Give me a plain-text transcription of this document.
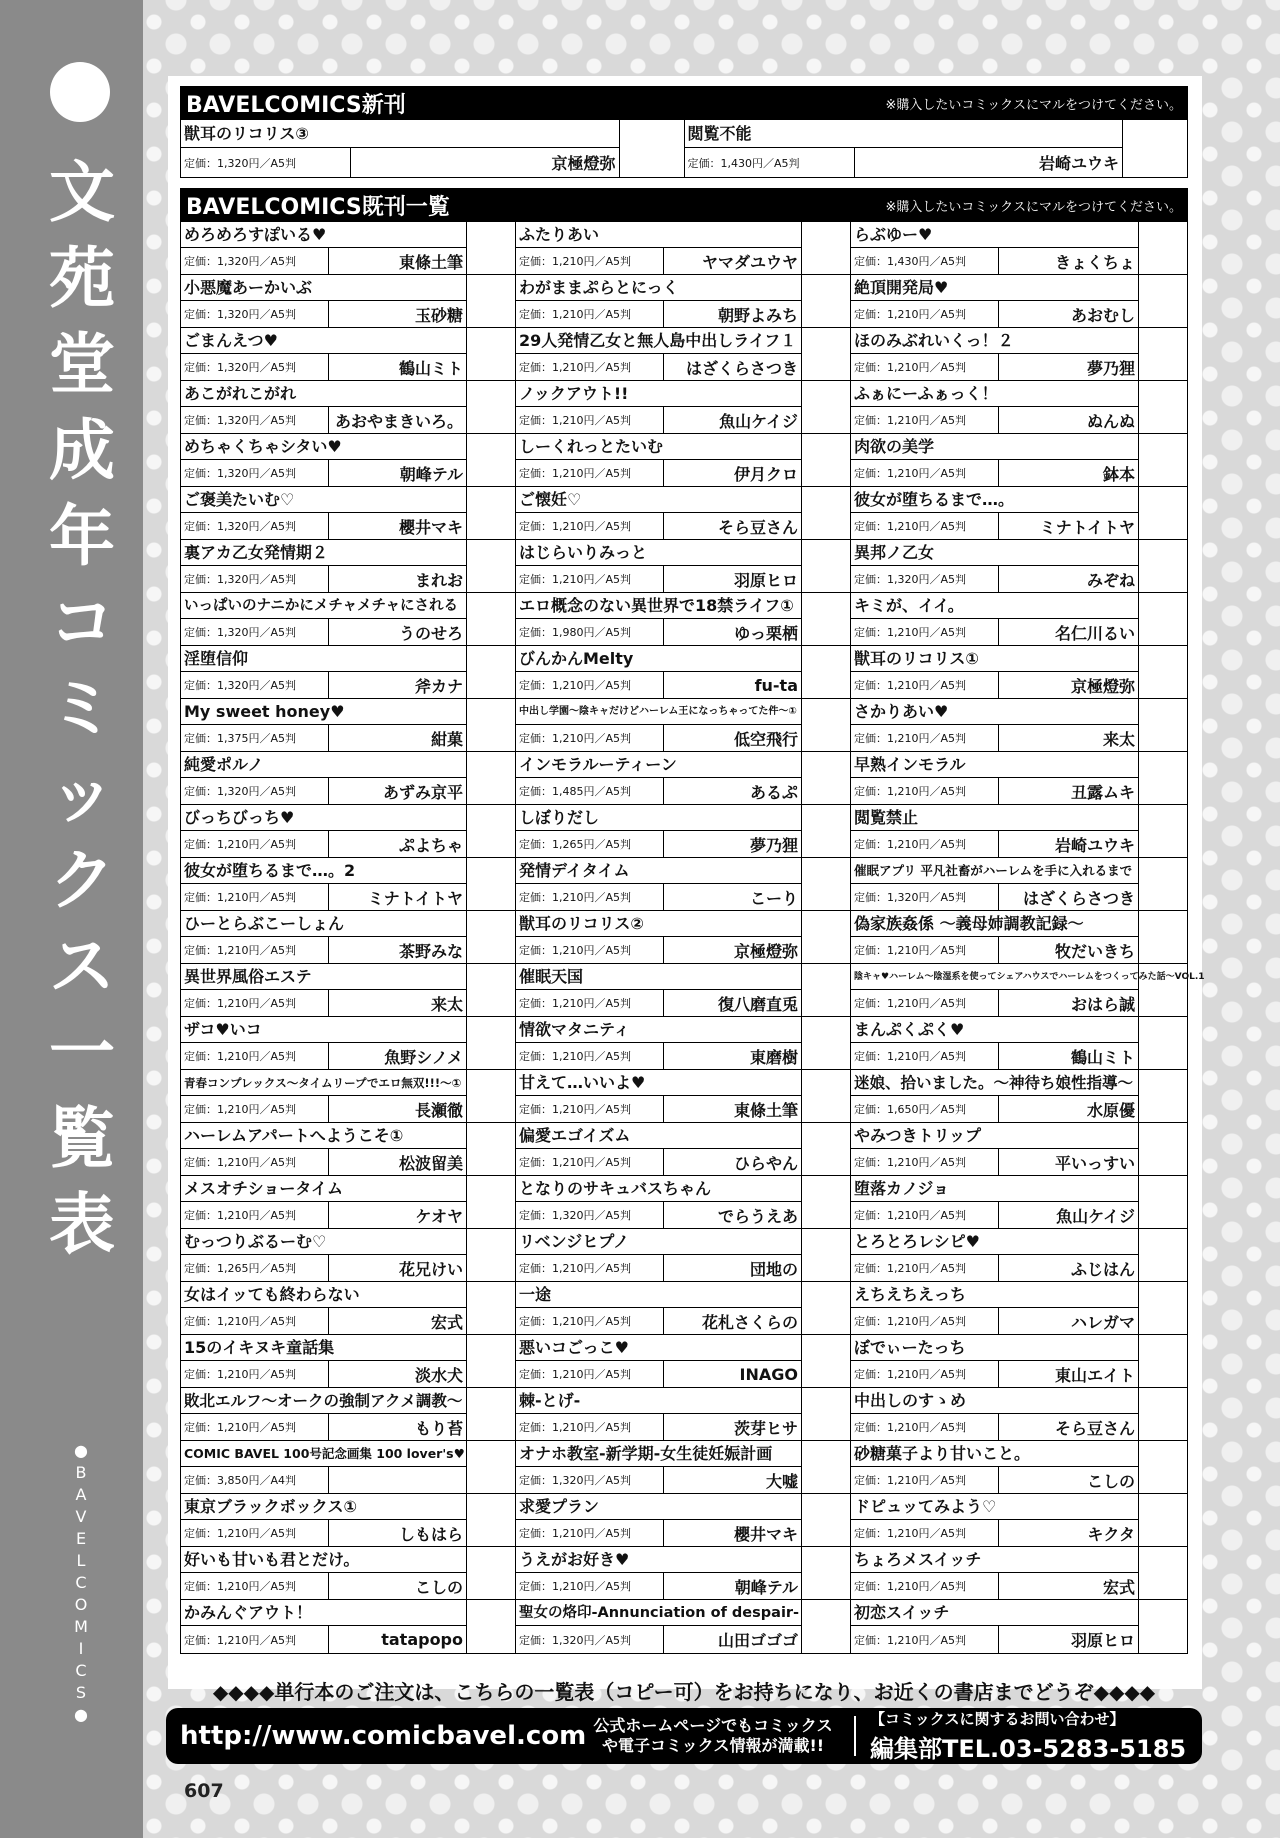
文
苑
堂
成
年
コ
ミ
ッ
ク
ス
一
覧
表
●
B
A
V
E
L
C
O
M
I
C
S
●
BAVELCOMICS新刊	※購入したいコミックスにマルをつけてください。
獣耳のリコリス③
定価：1,320円／A5判	京極燈弥
閲覧不能
定価：1,430円／A5判	岩崎ユウキ
BAVELCOMICS既刊一覧	※購入したいコミックスにマルをつけてください。
めろめろすぽいる♥
定価：1,320円／A5判	東條土筆
小悪魔あーかいぶ
定価：1,320円／A5判	玉砂糖
ごまんえつ♥
定価：1,320円／A5判	鶴山ミト
あこがれこがれ
定価：1,320円／A5判	あおやまきいろ。
めちゃくちゃシタい♥
定価：1,320円／A5判	朝峰テル
ご褒美たいむ♡
定価：1,320円／A5判	櫻井マキ
裏アカ乙女発情期２
定価：1,320円／A5判	まれお
いっぱいのナニかにメチャメチャにされる
定価：1,320円／A5判	うのせろ
淫堕信仰
定価：1,320円／A5判	斧カナ
My sweet honey♥
定価：1,375円／A5判	紺菓
純愛ポルノ
定価：1,320円／A5判	あずみ京平
びっちびっち♥
定価：1,210円／A5判	ぷよちゃ
彼女が堕ちるまで…。2
定価：1,210円／A5判	ミナトイトヤ
ひーとらぶこーしょん
定価：1,210円／A5判	茶野みな
異世界風俗エステ
定価：1,210円／A5判	来太
ザコ♥いコ
定価：1,210円／A5判	魚野シノメ
青春コンプレックス～タイムリープでエロ無双!!!～①
定価：1,210円／A5判	長瀬徹
ハーレムアパートへようこそ①
定価：1,210円／A5判	松波留美
メスオチショータイム
定価：1,210円／A5判	ケオヤ
むっつりぶるーむ♡
定価：1,265円／A5判	花兄けい
女はイッても終わらない
定価：1,210円／A5判	宏式
15のイキヌキ童話集
定価：1,210円／A5判	淡水犬
敗北エルフ～オークの強制アクメ調教～
定価：1,210円／A5判	もり苔
COMIC BAVEL 100号記念画集 100 lover's♥
定価：3,850円／A4判
東京ブラックボックス①
定価：1,210円／A5判	しもはら
好いも甘いも君とだけ。
定価：1,210円／A5判	こしの
かみんぐアウト！
定価：1,210円／A5判	tatapopo
ふたりあい
定価：1,210円／A5判	ヤマダユウヤ
わがままぷらとにっく
定価：1,210円／A5判	朝野よみち
29人発情乙女と無人島中出しライフ１
定価：1,210円／A5判	はざくらさつき
ノックアウト!!
定価：1,210円／A5判	魚山ケイジ
しーくれっとたいむ
定価：1,210円／A5判	伊月クロ
ご懐妊♡
定価：1,210円／A5判	そら豆さん
はじらいりみっと
定価：1,210円／A5判	羽原ヒロ
エロ概念のない異世界で18禁ライフ①
定価：1,980円／A5判	ゆっ栗栖
びんかんMelty
定価：1,210円／A5判	fu-ta
中出し学園～陰キャだけどハーレム王になっちゃってた件～①
定価：1,210円／A5判	低空飛行
インモラルーティーン
定価：1,485円／A5判	あるぷ
しぼりだし
定価：1,265円／A5判	夢乃狸
発情デイタイム
定価：1,210円／A5判	こーり
獣耳のリコリス②
定価：1,210円／A5判	京極燈弥
催眠天国
定価：1,210円／A5判	復八磨直兎
情欲マタニティ
定価：1,210円／A5判	東磨樹
甘えて…いいよ♥
定価：1,210円／A5判	東條土筆
偏愛エゴイズム
定価：1,210円／A5判	ひらやん
となりのサキュバスちゃん
定価：1,320円／A5判	でらうえあ
リベンジヒプノ
定価：1,210円／A5判	団地の
一途
定価：1,210円／A5判	花札さくらの
悪いコごっこ♥
定価：1,210円／A5判	INAGO
棘-とげ-
定価：1,210円／A5判	茨芽ヒサ
オナホ教室-新学期-女生徒妊娠計画
定価：1,320円／A5判	大嘘
求愛プラン
定価：1,210円／A5判	櫻井マキ
うえがお好き♥
定価：1,210円／A5判	朝峰テル
聖女の烙印-Annunciation of despair-
定価：1,320円／A5判	山田ゴゴゴ
らぶゆー♥
定価：1,430円／A5判	きょくちょ
絶頂開発局♥
定価：1,210円／A5判	あおむし
ほのみぶれいくっ！２
定価：1,210円／A5判	夢乃狸
ふぁにーふぁっく！
定価：1,210円／A5判	ぬんぬ
肉欲の美学
定価：1,210円／A5判	鉢本
彼女が堕ちるまで…。
定価：1,210円／A5判	ミナトイトヤ
異邦ノ乙女
定価：1,320円／A5判	みぞね
キミが、イイ。
定価：1,210円／A5判	名仁川るい
獣耳のリコリス①
定価：1,210円／A5判	京極燈弥
さかりあい♥
定価：1,210円／A5判	来太
早熟インモラル
定価：1,210円／A5判	丑露ムキ
閲覧禁止
定価：1,210円／A5判	岩崎ユウキ
催眠アプリ 平凡社畜がハーレムを手に入れるまで
定価：1,320円／A5判	はざくらさつき
偽家族姦係 ～義母姉調教記録～
定価：1,210円／A5判	牧だいきち
陰キャ♥ハーレム～陰湿系を使ってシェアハウスでハーレムをつくってみた話～VOL.1
定価：1,210円／A5判	おはら誠
まんぷくぷく♥
定価：1,210円／A5判	鶴山ミト
迷娘、拾いました。～神待ち娘性指導～
定価：1,650円／A5判	水原優
やみつきトリップ
定価：1,210円／A5判	平いっすい
堕落カノジョ
定価：1,210円／A5判	魚山ケイジ
とろとろレシピ♥
定価：1,210円／A5判	ふじはん
えちえちえっち
定価：1,210円／A5判	ハレガマ
ぼでぃーたっち
定価：1,210円／A5判	東山エイト
中出しのすゝめ
定価：1,210円／A5判	そら豆さん
砂糖菓子より甘いこと。
定価：1,210円／A5判	こしの
ドピュッてみよう♡
定価：1,210円／A5判	キクタ
ちょろメスイッチ
定価：1,210円／A5判	宏式
初恋スイッチ
定価：1,210円／A5判	羽原ヒロ
◆◆◆◆単行本のご注文は、こちらの一覧表（コピー可）をお持ちになり、お近くの書店までどうぞ◆◆◆◆
http://www.comicbavel.com 公式ホームページでもコミックス
や電子コミックス情報が満載!!
【コミックスに関するお問い合わせ】
編集部TEL.03-5283-5185
607
